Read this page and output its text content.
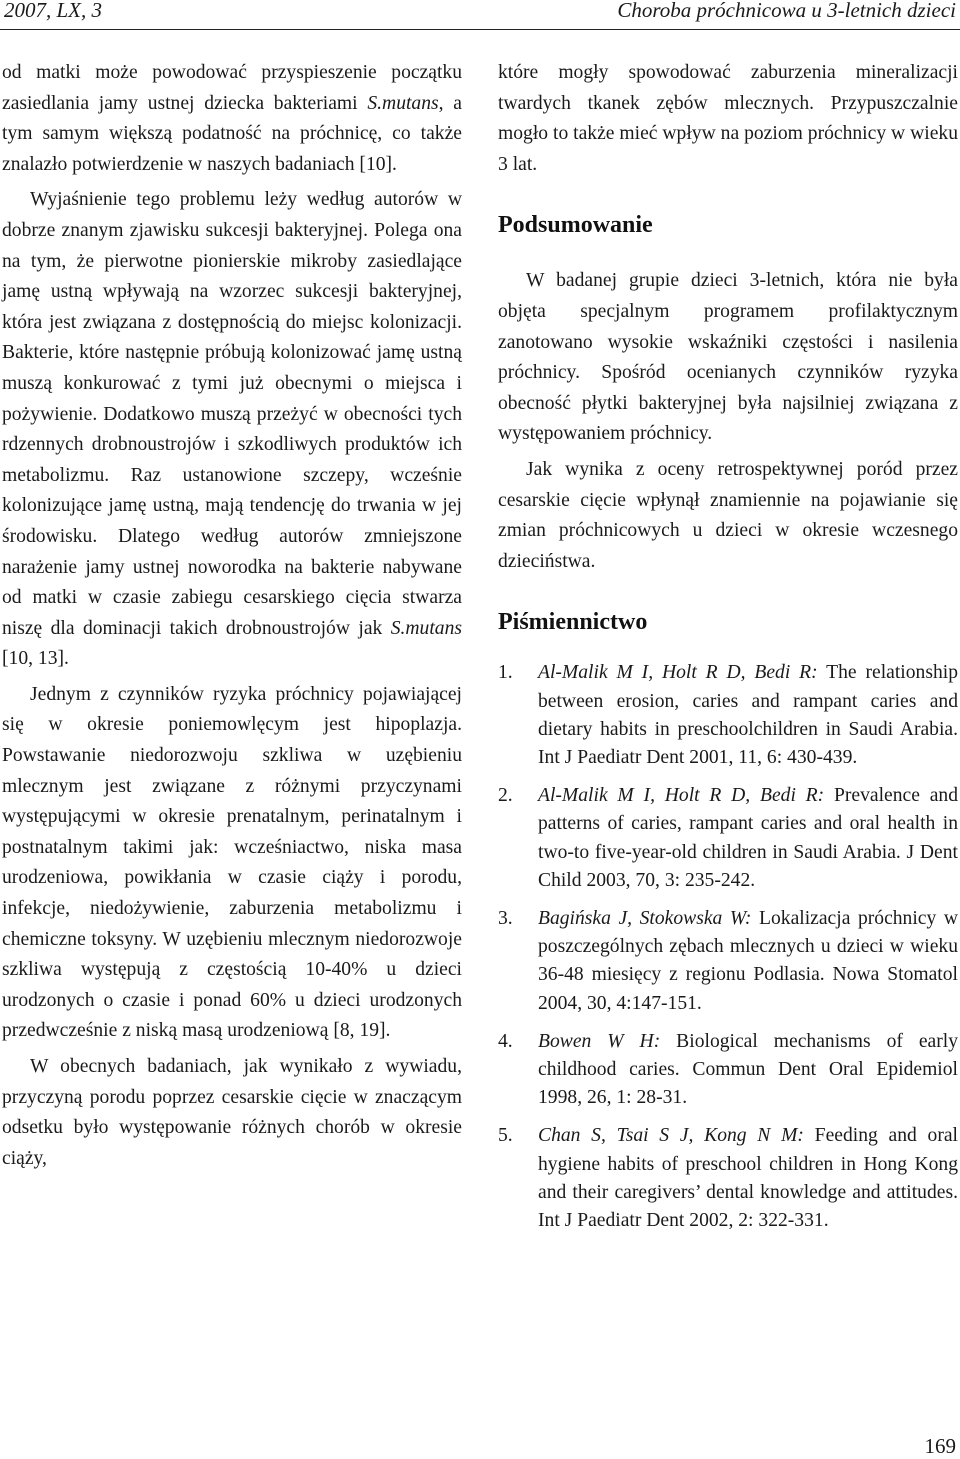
2007, LX, 3	Choroba próchnicowa u 3-letnich dzieci

od matki może powodować przyspieszenie początku zasiedlania jamy ustnej dziecka bakteriami S.mutans, a tym samym większą podatność na próchnicę, co także znalazło potwierdzenie w naszych badaniach [10].

Wyjaśnienie tego problemu leży według autorów w dobrze znanym zjawisku sukcesji bakteryjnej. Polega ona na tym, że pierwotne pionierskie mikroby zasiedlające jamę ustną wpływają na wzorzec sukcesji bakteryjnej, która jest związana z dostępnością do miejsc kolonizacji. Bakterie, które następnie próbują kolonizować jamę ustną muszą konkurować z tymi już obecnymi o miejsca i pożywienie. Dodatkowo muszą przeżyć w obecności tych rdzennych drobnoustrojów i szkodliwych produktów ich metabolizmu. Raz ustanowione szczepy, wcześnie kolonizujące jamę ustną, mają tendencję do trwania w jej środowisku. Dlatego według autorów zmniejszone narażenie jamy ustnej noworodka na bakterie nabywane od matki w czasie zabiegu cesarskiego cięcia stwarza niszę dla dominacji takich drobnoustrojów jak S.mutans [10, 13].

Jednym z czynników ryzyka próchnicy pojawiającej się w okresie poniemowlęcym jest hipoplazja. Powstawanie niedorozwoju szkliwa w uzębieniu mlecznym jest związane z różnymi przyczynami występującymi w okresie prenatalnym, perinatalnym i postnatalnym takimi jak: wcześniactwo, niska masa urodzeniowa, powikłania w czasie ciąży i porodu, infekcje, niedożywienie, zaburzenia metabolizmu i chemiczne toksyny. W uzębieniu mlecznym niedorozwoje szkliwa występują z częstością 10-40% u dzieci urodzonych o czasie i ponad 60% u dzieci urodzonych przedwcześnie z niską masą urodzeniową [8, 19].

W obecnych badaniach, jak wynikało z wywiadu, przyczyną porodu poprzez cesarskie cięcie w znaczącym odsetku było występowanie różnych chorób w okresie ciąży,

które mogły spowodować zaburzenia mineralizacji twardych tkanek zębów mlecznych. Przypuszczalnie mogło to także mieć wpływ na poziom próchnicy w wieku 3 lat.

Podsumowanie

W badanej grupie dzieci 3-letnich, która nie była objęta specjalnym programem profilaktycznym zanotowano wysokie wskaźniki częstości i nasilenia próchnicy. Spośród ocenianych czynników ryzyka obecność płytki bakteryjnej była najsilniej związana z występowaniem próchnicy.

Jak wynika z oceny retrospektywnej poród przez cesarskie cięcie wpłynął znamiennie na pojawianie się zmian próchnicowych u dzieci w okresie wczesnego dzieciństwa.

Piśmiennictwo
1. Al-Malik M I, Holt R D, Bedi R: The relationship between erosion, caries and rampant caries and dietary habits in preschoolchildren in Saudi Arabia. Int J Paediatr Dent 2001, 11, 6: 430-439.
2. Al-Malik M I, Holt R D, Bedi R: Prevalence and patterns of caries, rampant caries and oral health in two-to five-year-old children in Saudi Arabia. J Dent Child 2003, 70, 3: 235-242.
3. Bagińska J, Stokowska W: Lokalizacja próchnicy w poszczególnych zębach mlecznych u dzieci w wieku 36-48 miesięcy z regionu Podlasia. Nowa Stomatol 2004, 30, 4:147-151.
4. Bowen W H: Biological mechanisms of early childhood caries. Commun Dent Oral Epidemiol 1998, 26, 1: 28-31.
5. Chan S, Tsai S J, Kong N M: Feeding and oral hygiene habits of preschool children in Hong Kong and their caregivers’ dental knowledge and attitudes. Int J Paediatr Dent 2002, 2: 322-331.
169
